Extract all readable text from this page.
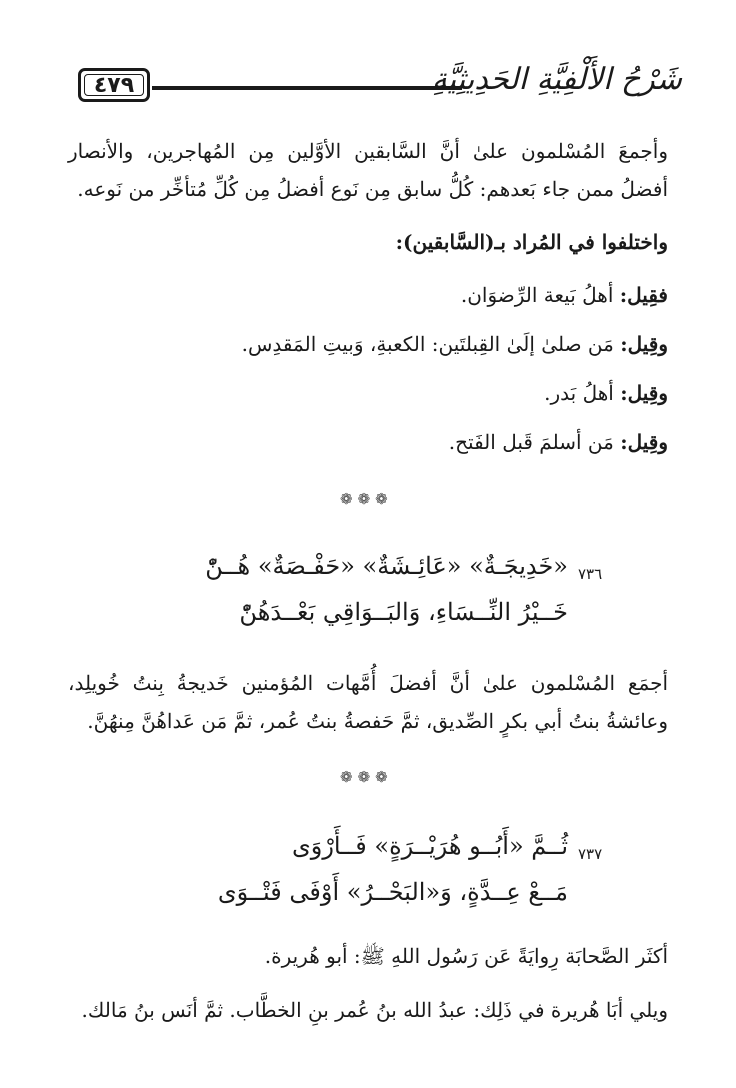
٤٧٩	شَرْحُ الأَلْفِيَّةِ الحَدِيثِيَّةِ
وأجمعَ المُسْلمون علىٰ أنَّ السَّابقين الأوَّلين مِن المُهاجرين، والأنصار أفضلُ ممن جاء بَعدهم: كُلُّ سابق مِن نَوع أفضلُ مِن كُلِّ مُتأخِّر من نَوعه.
واختلفوا في المُراد بـ(السَّابقين):
فقِيل: أهلُ بَيعة الرِّضوَان.
وقِيل: مَن صلىٰ إلَىٰ القِبلتَين: الكعبةِ، وَبيتِ المَقدِس.
وقِيل: أهلُ بَدر.
وقِيل: مَن أسلمَ قَبل الفَتح.
❁❁❁
٧٣٦
«خَدِيجَـةٌ» «عَائِـشَةٌ» «حَفْـصَةٌ» هُــنّْ
خَــيْرُ النِّــسَاءِ، وَالبَــوَاقِي بَعْــدَهُنّْ
أجمَع المُسْلمون علىٰ أنَّ أفضلَ أُمَّهات المُؤمنين خَديجةُ بِنتُ خُويلِد، وعائشةُ بنتُ أبي بكرٍ الصِّديق، ثمَّ حَفصةُ بنتُ عُمر، ثمَّ مَن عَداهُنَّ مِنهُنَّ.
❁❁❁
٧٣٧
ثُــمَّ «أَبُــو هُرَيْــرَةٍ» فَــأَرْوَى
مَــعْ عِــدَّةٍ، وَ«البَحْــرُ» أَوْفَى فَتْــوَى
أكثَر الصَّحابَة رِوايَةً عَن رَسُول اللهِ ﷺ: أبو هُريرة.
ويلي أبَا هُريرة في ذَلِك: عبدُ الله بنُ عُمر بنِ الخطَّاب. ثمَّ أنَس بنُ مَالك.
